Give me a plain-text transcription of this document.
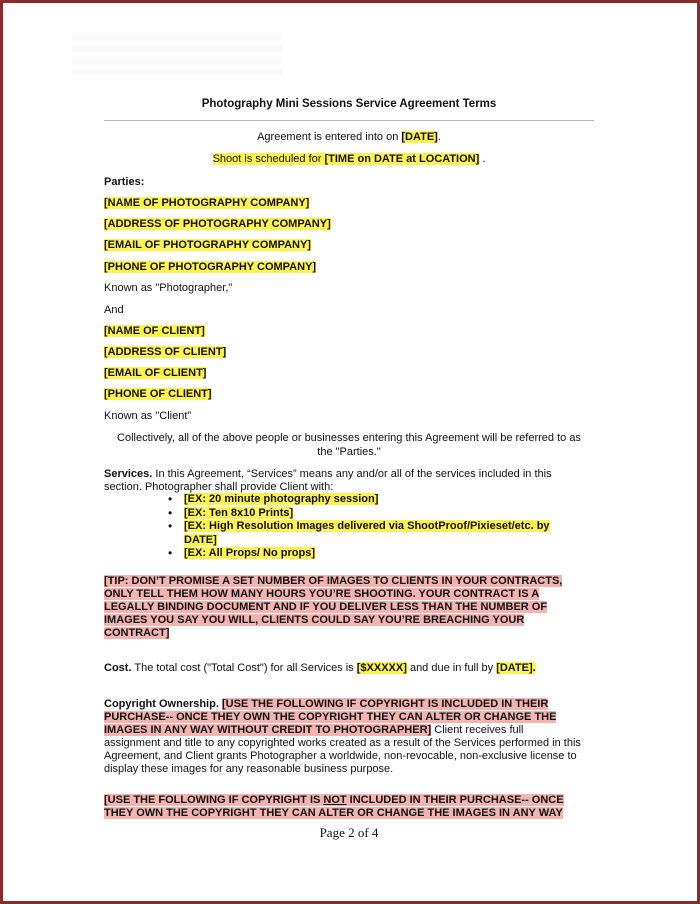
Photography Mini Sessions Service Agreement Terms
Agreement is entered into on [DATE].
Shoot is scheduled for [TIME on DATE at LOCATION] .
Parties:
[NAME OF PHOTOGRAPHY COMPANY]
[ADDRESS OF PHOTOGRAPHY COMPANY]
[EMAIL OF PHOTOGRAPHY COMPANY]
[PHONE OF PHOTOGRAPHY COMPANY]
Known as "Photographer,"
And
[NAME OF CLIENT]
[ADDRESS OF CLIENT]
[EMAIL OF CLIENT]
[PHONE OF CLIENT]
Known as "Client"
Collectively, all of the above people or businesses entering this Agreement will be referred to as
the "Parties."
Services. In this Agreement, “Services” means any and/or all of the services included in this section. Photographer shall provide Client with:
• [EX: 20 minute photography session]
• [EX: Ten 8x10 Prints]
• [EX: High Resolution Images delivered via ShootProof/Pixieset/etc. by DATE]
• [EX: All Props/ No props]
[TIP: DON’T PROMISE A SET NUMBER OF IMAGES TO CLIENTS IN YOUR CONTRACTS, ONLY TELL THEM HOW MANY HOURS YOU’RE SHOOTING. YOUR CONTRACT IS A LEGALLY BINDING DOCUMENT AND IF YOU DELIVER LESS THAN THE NUMBER OF IMAGES YOU SAY YOU WILL, CLIENTS COULD SAY YOU’RE BREACHING YOUR CONTRACT]
Cost. The total cost ("Total Cost") for all Services is [$XXXXX] and due in full by [DATE].
Copyright Ownership. [USE THE FOLLOWING IF COPYRIGHT IS INCLUDED IN THEIR PURCHASE-- ONCE THEY OWN THE COPYRIGHT THEY CAN ALTER OR CHANGE THE IMAGES IN ANY WAY WITHOUT CREDIT TO PHOTOGRAPHER] Client receives full assignment and title to any copyrighted works created as a result of the Services performed in this Agreement, and Client grants Photographer a worldwide, non-revocable, non-exclusive license to display these images for any reasonable business purpose.
[USE THE FOLLOWING IF COPYRIGHT IS NOT INCLUDED IN THEIR PURCHASE-- ONCE THEY OWN THE COPYRIGHT THEY CAN ALTER OR CHANGE THE IMAGES IN ANY WAY
Page 2 of 4
